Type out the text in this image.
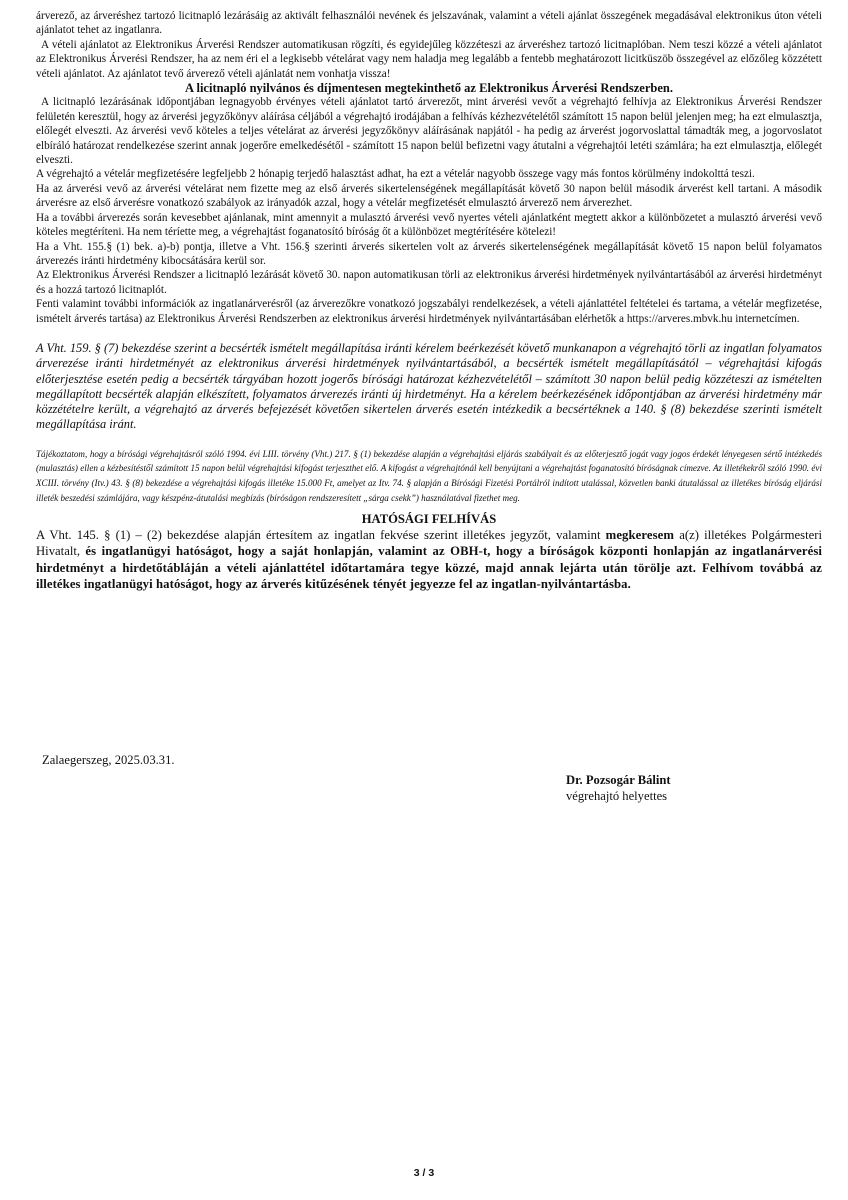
árverező, az árveréshez tartozó licitnapló lezárásáig az aktivált felhasználói nevének és jelszavának, valamint a vételi ajánlat összegének megadásával elektronikus úton vételi ajánlatot tehet az ingatlanra.

A vételi ajánlatot az Elektronikus Árverési Rendszer automatikusan rögzíti, és egyidejűleg közzéteszi az árveréshez tartozó licitnaplóban. Nem teszi közzé a vételi ajánlatot az Elektronikus Árverési Rendszer, ha az nem éri el a legkisebb vételárat vagy nem haladja meg legalább a fentebb meghatározott licitküszöb összegével az előzőleg közzétett vételi ajánlatot. Az ajánlatot tevő árverező vételi ajánlatát nem vonhatja vissza!

A licitnapló nyilvános és díjmentesen megtekinthető az Elektronikus Árverési Rendszerben.

A licitnapló lezárásának időpontjában legnagyobb érvényes vételi ajánlatot tartó árverezőt, mint árverési vevőt a végrehajtó felhívja az Elektronikus Árverési Rendszer felületén keresztül, hogy az árverési jegyzőkönyv aláírása céljából a végrehajtó irodájában a felhívás kézhezvételétől számított 15 napon belül jelenjen meg; ha ezt elmulasztja, előlegét elveszti. Az árverési vevő köteles a teljes vételárat az árverési jegyzőkönyv aláírásának napjától - ha pedig az árverést jogorvoslattal támadták meg, a jogorvoslatot elbíráló határozat rendelkezése szerint annak jogerőre emelkedésétől - számított 15 napon belül befizetni vagy átutalni a végrehajtói letéti számlára; ha ezt elmulasztja, előlegét elveszti.

A végrehajtó a vételár megfizetésére legfeljebb 2 hónapig terjedő halasztást adhat, ha ezt a vételár nagyobb összege vagy más fontos körülmény indokolttá teszi.

Ha az árverési vevő az árverési vételárat nem fizette meg az első árverés sikertelenségének megállapítását követő 30 napon belül második árverést kell tartani. A második árverésre az első árverésre vonatkozó szabályok az irányadók azzal, hogy a vételár megfizetését elmulasztó árverező nem árverezhet.

Ha a további árverezés során kevesebbet ajánlanak, mint amennyit a mulasztó árverési vevő nyertes vételi ajánlatként megtett akkor a különbözetet a mulasztó árverési vevő köteles megtéríteni. Ha nem téríette meg, a végrehajtást foganatosító bíróság őt a különbözet megtérítésére kötelezi!

Ha a Vht. 155.§ (1) bek. a)-b) pontja, illetve a Vht. 156.§ szerinti árverés sikertelen volt az árverés sikertelenségének megállapítását követő 15 napon belül folyamatos árverezés iránti hirdetmény kibocsátására kerül sor.

Az Elektronikus Árverési Rendszer a licitnapló lezárását követő 30. napon automatikusan törli az elektronikus árverési hirdetmények nyilvántartásából az árverési hirdetményt és a hozzá tartozó licitnaplót.

Fenti valamint további információk az ingatlanárverésről (az árverezőkre vonatkozó jogszabályi rendelkezések, a vételi ajánlattétel feltételei és tartama, a vételár megfizetése, ismételt árverés tartása) az Elektronikus Árverési Rendszerben az elektronikus árverési hirdetmények nyilvántartásában elérhetők a https://arveres.mbvk.hu internetcímen.

A Vht. 159. § (7) bekezdése szerint a becsérték ismételt megállapítása iránti kérelem beérkezését követő munkanapon a végrehajtó törli az ingatlan folyamatos árverezése iránti hirdetményét az elektronikus árverési hirdetmények nyilvántartásából, a becsérték ismételt megállapításától – végrehajtási kifogás előterjesztése esetén pedig a becsérték tárgyában hozott jogerős bírósági határozat kézhezvételétől – számított 30 napon belül pedig közzéteszi az ismételten megállapított becsérték alapján elkészített, folyamatos árverezés iránti új hirdetményt. Ha a kérelem beérkezésének időpontjában az árverési hirdetmény már közzétételre került, a végrehajtó az árverés befejezését követően sikertelen árverés esetén intézkedik a becsértéknek a 140. § (8) bekezdése szerinti ismételt megállapítása iránt.

Tájékoztatom, hogy a bírósági végrehajtásról szóló 1994. évi LIII. törvény (Vht.) 217. § (1) bekezdése alapján a végrehajtási eljárás szabályait és az előterjesztő jogát vagy jogos érdekét lényegesen sértő intézkedés (mulasztás) ellen a kézbesítéstől számított 15 napon belül végrehajtási kifogást terjeszthet elő. A kifogást a végrehajtónál kell benyújtani a végrehajtást foganatosító bíróságnak címezve. Az illetékekről szóló 1990. évi XCIII. törvény (Itv.) 43. § (8) bekezdése a végrehajtási kifogás illetéke 15.000 Ft, amelyet az Itv. 74. § alapján a Bírósági Fizetési Portálról indított utalással, közvetlen banki átutalással az illetékes bíróság eljárási illeték beszedési számlájára, vagy készpénz-átutalási megbízás (bíróságon rendszeresített „sárga csekk”) használatával fizethet meg.

HATÓSÁGI FELHÍVÁS

A Vht. 145. § (1) – (2) bekezdése alapján értesítem az ingatlan fekvése szerint illetékes jegyzőt, valamint megkeresem a(z) illetékes Polgármesteri Hivatalt, és ingatlanügyi hatóságot, hogy a saját honlapján, valamint az OBH-t, hogy a bíróságok központi honlapján az ingatlanárverési hirdetményt a hirdetőtábláján a vételi ajánlattétel időtartamára tegye közzé, majd annak lejárta után törölje azt. Felhívom továbbá az illetékes ingatlanügyi hatóságot, hogy az árverés kitűzésének tényét jegyezze fel az ingatlan-nyilvántartásba.

Zalaegerszeg, 2025.03.31.
Dr. Pozsogár Bálint
végrehajtó helyettes
3 / 3
